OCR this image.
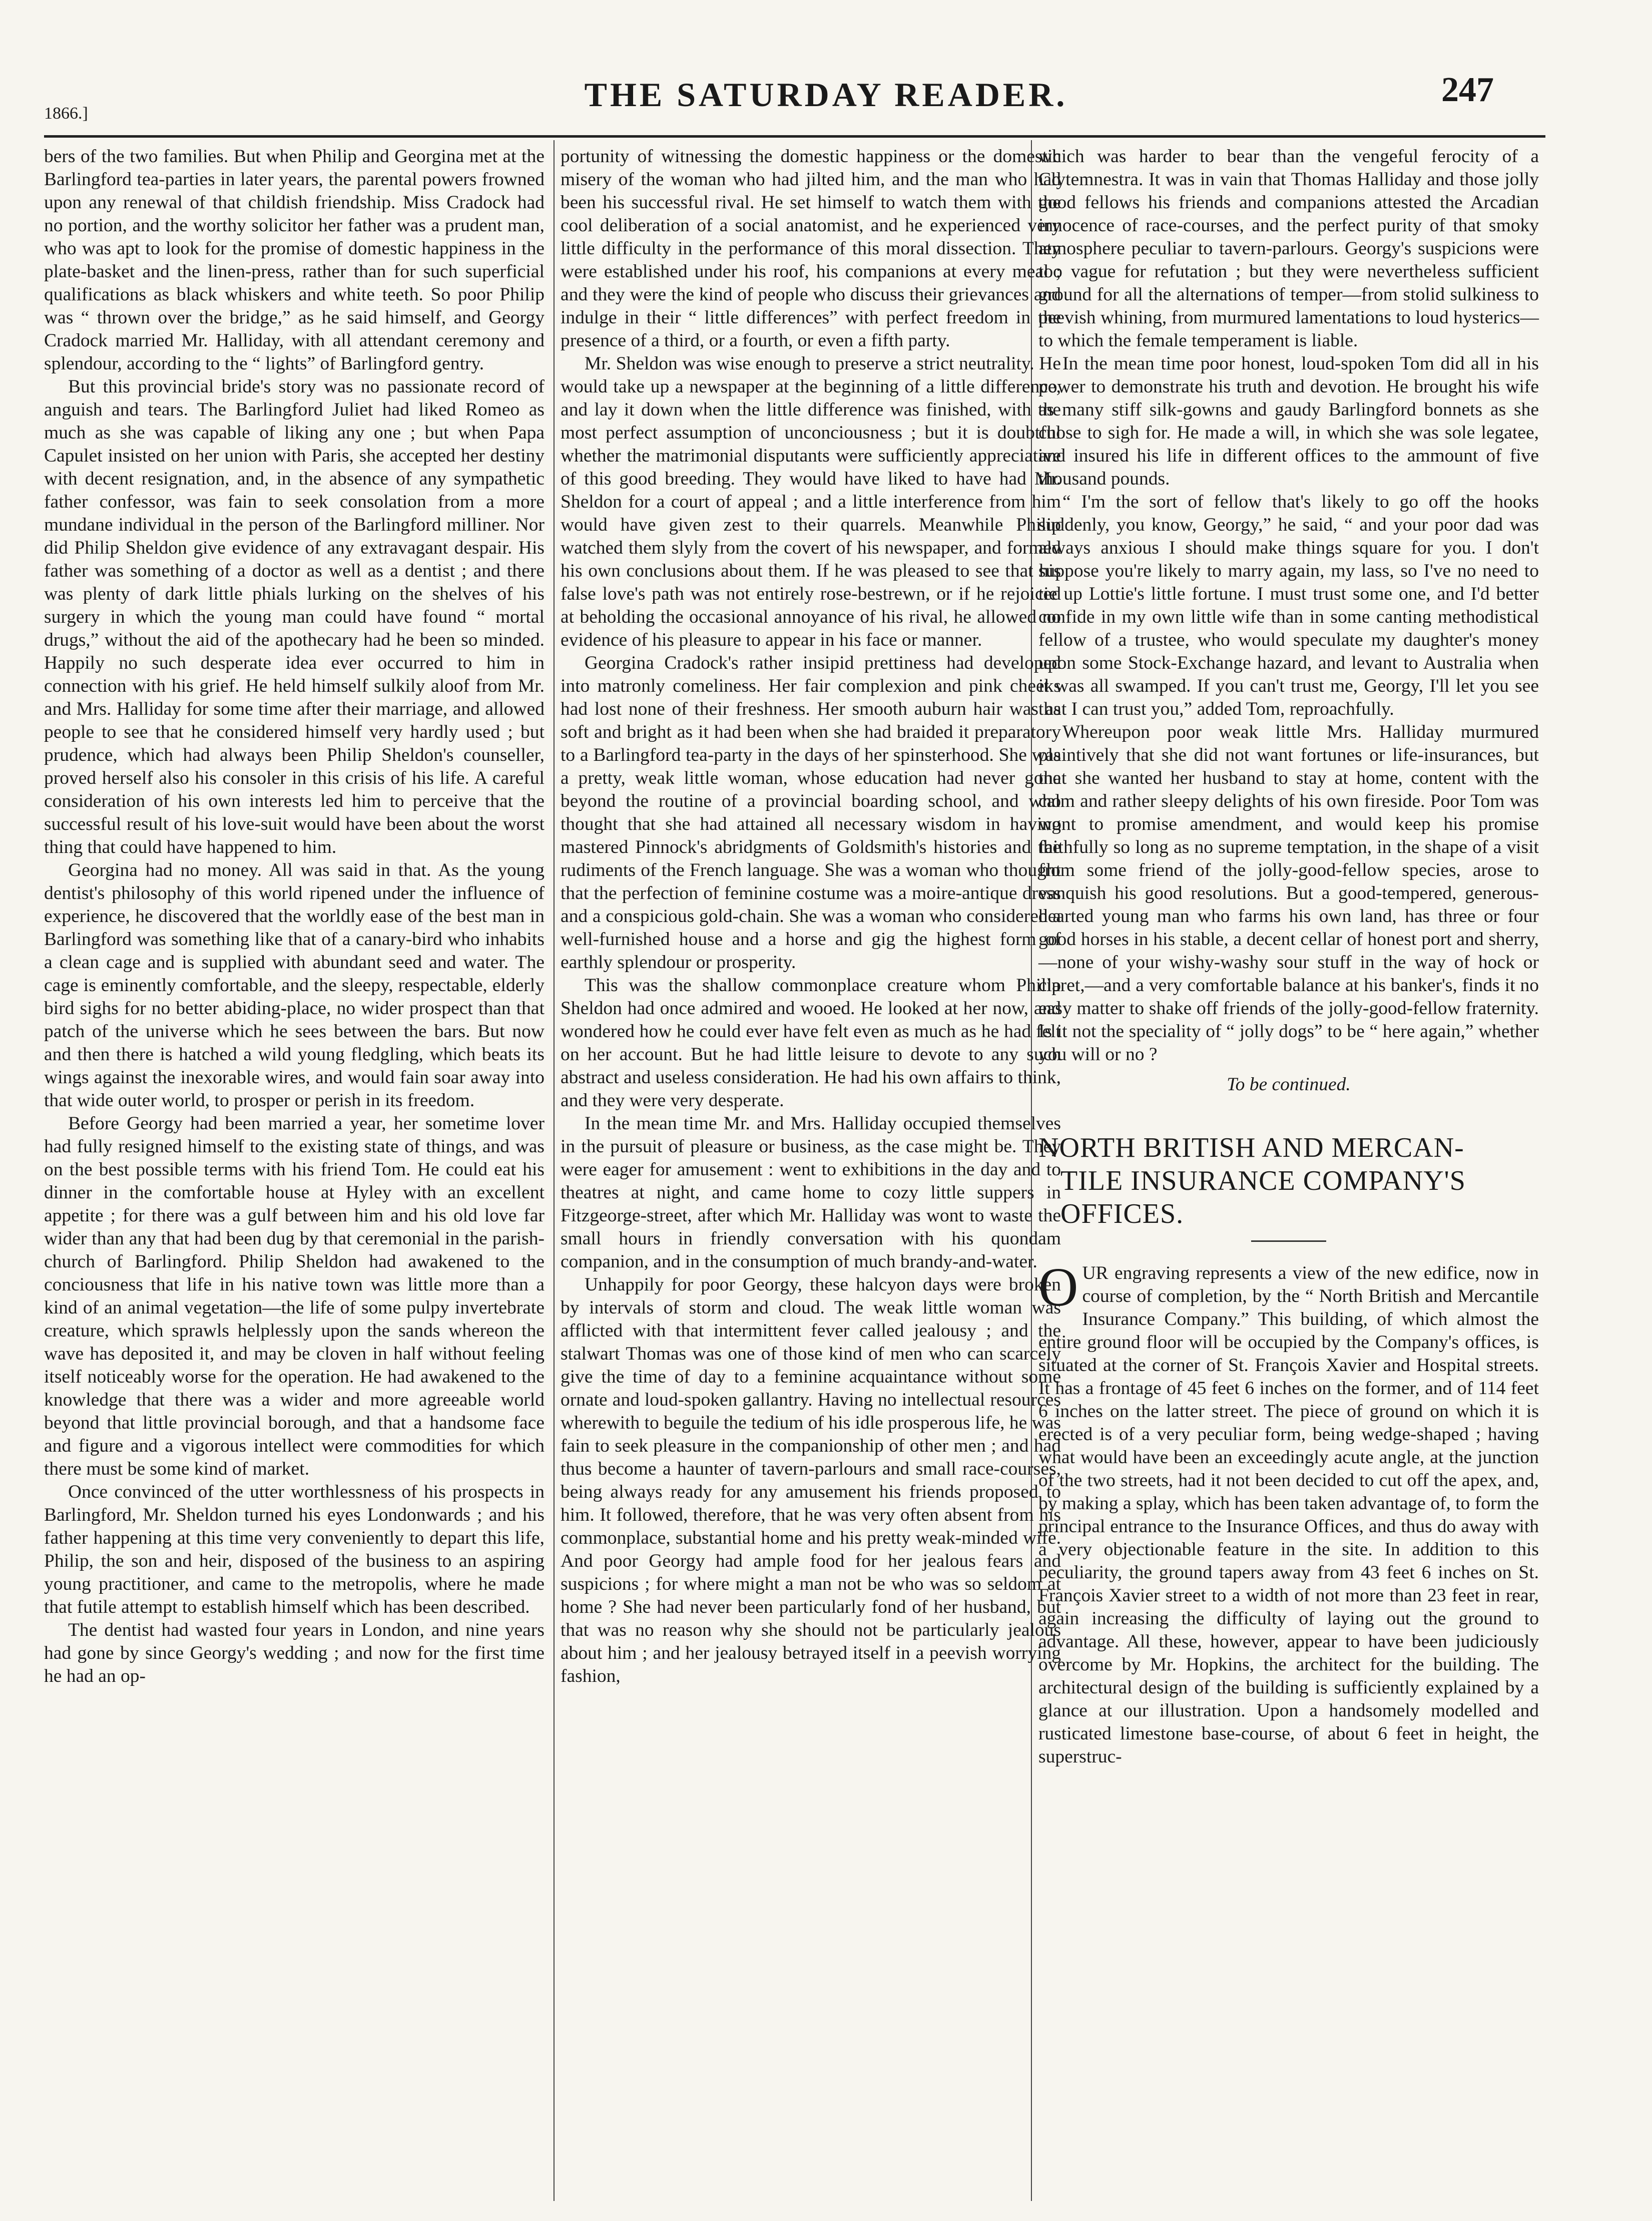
1866.]	THE SATURDAY READER.	247

bers of the two families. But when Philip and Georgina met at the Barlingford tea-parties in later years, the parental powers frowned upon any renewal of that childish friendship. Miss Cradock had no portion, and the worthy solicitor her father was a prudent man, who was apt to look for the promise of domestic happiness in the plate-basket and the linen-press, rather than for such superficial qualifications as black whiskers and white teeth. So poor Philip was “ thrown over the bridge,” as he said himself, and Georgy Cradock married Mr. Halliday, with all attendant ceremony and splendour, according to the “ lights” of Barlingford gentry.

But this provincial bride's story was no passionate record of anguish and tears. The Barlingford Juliet had liked Romeo as much as she was capable of liking any one ; but when Papa Capulet insisted on her union with Paris, she accepted her destiny with decent resignation, and, in the absence of any sympathetic father confessor, was fain to seek consolation from a more mundane individual in the person of the Barlingford milliner. Nor did Philip Sheldon give evidence of any extravagant despair. His father was something of a doctor as well as a dentist ; and there was plenty of dark little phials lurking on the shelves of his surgery in which the young man could have found “ mortal drugs,” without the aid of the apothecary had he been so minded. Happily no such desperate idea ever occurred to him in connection with his grief. He held himself sulkily aloof from Mr. and Mrs. Halliday for some time after their marriage, and allowed people to see that he considered himself very hardly used ; but prudence, which had always been Philip Sheldon's counseller, proved herself also his consoler in this crisis of his life. A careful consideration of his own interests led him to perceive that the successful result of his love-suit would have been about the worst thing that could have happened to him.

Georgina had no money. All was said in that. As the young dentist's philosophy of this world ripened under the influence of experience, he discovered that the worldly ease of the best man in Barlingford was something like that of a canary-bird who inhabits a clean cage and is supplied with abundant seed and water. The cage is eminently comfortable, and the sleepy, respectable, elderly bird sighs for no better abiding-place, no wider prospect than that patch of the universe which he sees between the bars. But now and then there is hatched a wild young fledgling, which beats its wings against the inexorable wires, and would fain soar away into that wide outer world, to prosper or perish in its freedom.

Before Georgy had been married a year, her sometime lover had fully resigned himself to the existing state of things, and was on the best possible terms with his friend Tom. He could eat his dinner in the comfortable house at Hyley with an excellent appetite ; for there was a gulf between him and his old love far wider than any that had been dug by that ceremonial in the parish-church of Barlingford. Philip Sheldon had awakened to the conciousness that life in his native town was little more than a kind of an animal vegetation—the life of some pulpy invertebrate creature, which sprawls helplessly upon the sands whereon the wave has deposited it, and may be cloven in half without feeling itself noticeably worse for the operation. He had awakened to the knowledge that there was a wider and more agreeable world beyond that little provincial borough, and that a handsome face and figure and a vigorous intellect were commodities for which there must be some kind of market.

Once convinced of the utter worthlessness of his prospects in Barlingford, Mr. Sheldon turned his eyes Londonwards ; and his father happening at this time very conveniently to depart this life, Philip, the son and heir, disposed of the business to an aspiring young practitioner, and came to the metropolis, where he made that futile attempt to establish himself which has been described.

The dentist had wasted four years in London, and nine years had gone by since Georgy's wedding ; and now for the first time he had an op-

portunity of witnessing the domestic happiness or the domestic misery of the woman who had jilted him, and the man who had been his successful rival. He set himself to watch them with the cool deliberation of a social anatomist, and he experienced very little difficulty in the performance of this moral dissection. They were established under his roof, his companions at every meal ; and they were the kind of people who discuss their grievances and indulge in their “ little differences” with perfect freedom in the presence of a third, or a fourth, or even a fifth party.

Mr. Sheldon was wise enough to preserve a strict neutrality. He would take up a newspaper at the beginning of a little difference, and lay it down when the little difference was finished, with the most perfect assumption of unconciousness ; but it is doubtful whether the matrimonial disputants were sufficiently appreciative of this good breeding. They would have liked to have had Mr. Sheldon for a court of appeal ; and a little interference from him would have given zest to their quarrels. Meanwhile Philip watched them slyly from the covert of his newspaper, and formed his own conclusions about them. If he was pleased to see that his false love's path was not entirely rose-bestrewn, or if he rejoiced at beholding the occasional annoyance of his rival, he allowed no evidence of his pleasure to appear in his face or manner.

Georgina Cradock's rather insipid prettiness had developed into matronly comeliness. Her fair complexion and pink cheeks had lost none of their freshness. Her smooth auburn hair was as soft and bright as it had been when she had braided it preparatory to a Barlingford tea-party in the days of her spinsterhood. She was a pretty, weak little woman, whose education had never gone beyond the routine of a provincial boarding school, and who thought that she had attained all necessary wisdom in having mastered Pinnock's abridgments of Goldsmith's histories and the rudiments of the French language. She was a woman who thought that the perfection of feminine costume was a moire-antique dress and a conspicious gold-chain. She was a woman who considered a well-furnished house and a horse and gig the highest form of earthly splendour or prosperity.

This was the shallow commonplace creature whom Philip Sheldon had once admired and wooed. He looked at her now, and wondered how he could ever have felt even as much as he had felt on her account. But he had little leisure to devote to any such abstract and useless consideration. He had his own affairs to think, and they were very desperate.

In the mean time Mr. and Mrs. Halliday occupied themselves in the pursuit of pleasure or business, as the case might be. They were eager for amusement : went to exhibitions in the day and to theatres at night, and came home to cozy little suppers in Fitzgeorge-street, after which Mr. Halliday was wont to waste the small hours in friendly conversation with his quondam companion, and in the consumption of much brandy-and-water.

Unhappily for poor Georgy, these halcyon days were broken by intervals of storm and cloud. The weak little woman was afflicted with that intermittent fever called jealousy ; and the stalwart Thomas was one of those kind of men who can scarcely give the time of day to a feminine acquaintance without some ornate and loud-spoken gallantry. Having no intellectual resources wherewith to beguile the tedium of his idle prosperous life, he was fain to seek pleasure in the companionship of other men ; and had thus become a haunter of tavern-parlours and small race-courses, being always ready for any amusement his friends proposed to him. It followed, therefore, that he was very often absent from his commonplace, substantial home and his pretty weak-minded wife. And poor Georgy had ample food for her jealous fears and suspicions ; for where might a man not be who was so seldom at home ? She had never been particularly fond of her husband, but that was no reason why she should not be particularly jealous about him ; and her jealousy betrayed itself in a peevish worrying fashion,

which was harder to bear than the vengeful ferocity of a Clytemnestra. It was in vain that Thomas Halliday and those jolly good fellows his friends and companions attested the Arcadian innocence of race-courses, and the perfect purity of that smoky atmosphere peculiar to tavern-parlours. Georgy's suspicions were too vague for refutation ; but they were nevertheless sufficient ground for all the alternations of temper—from stolid sulkiness to peevish whining, from murmured lamentations to loud hysterics—to which the female temperament is liable.

In the mean time poor honest, loud-spoken Tom did all in his power to demonstrate his truth and devotion. He brought his wife as many stiff silk-gowns and gaudy Barlingford bonnets as she chose to sigh for. He made a will, in which she was sole legatee, and insured his life in different offices to the ammount of five thousand pounds.

“ I'm the sort of fellow that's likely to go off the hooks suddenly, you know, Georgy,” he said, “ and your poor dad was always anxious I should make things square for you. I don't suppose you're likely to marry again, my lass, so I've no need to tie up Lottie's little fortune. I must trust some one, and I'd better confide in my own little wife than in some canting methodistical fellow of a trustee, who would speculate my daughter's money upon some Stock-Exchange hazard, and levant to Australia when it was all swamped. If you can't trust me, Georgy, I'll let you see that I can trust you,” added Tom, reproachfully.

Whereupon poor weak little Mrs. Halliday murmured plaintively that she did not want fortunes or life-insurances, but that she wanted her husband to stay at home, content with the calm and rather sleepy delights of his own fireside. Poor Tom was wont to promise amendment, and would keep his promise faithfully so long as no supreme temptation, in the shape of a visit from some friend of the jolly-good-fellow species, arose to vanquish his good resolutions. But a good-tempered, generous-hearted young man who farms his own land, has three or four good horses in his stable, a decent cellar of honest port and sherry,—none of your wishy-washy sour stuff in the way of hock or claret,—and a very comfortable balance at his banker's, finds it no easy matter to shake off friends of the jolly-good-fellow fraternity. Is it not the speciality of “ jolly dogs” to be “ here again,” whether you will or no ?

To be continued.
NORTH BRITISH AND MERCAN-
TILE INSURANCE COMPANY'S
OFFICES.

OUR engraving represents a view of the new edifice, now in course of completion, by the “ North British and Mercantile Insurance Company.” This building, of which almost the entire ground floor will be occupied by the Company's offices, is situated at the corner of St. François Xavier and Hospital streets. It has a frontage of 45 feet 6 inches on the former, and of 114 feet 6 inches on the latter street. The piece of ground on which it is erected is of a very peculiar form, being wedge-shaped ; having what would have been an exceedingly acute angle, at the junction of the two streets, had it not been decided to cut off the apex, and, by making a splay, which has been taken advantage of, to form the principal entrance to the Insurance Offices, and thus do away with a very objectionable feature in the site. In addition to this peculiarity, the ground tapers away from 43 feet 6 inches on St. François Xavier street to a width of not more than 23 feet in rear, again increasing the difficulty of laying out the ground to advantage. All these, however, appear to have been judiciously overcome by Mr. Hopkins, the architect for the building. The architectural design of the building is sufficiently explained by a glance at our illustration. Upon a handsomely modelled and rusticated limestone base-course, of about 6 feet in height, the superstruc-
